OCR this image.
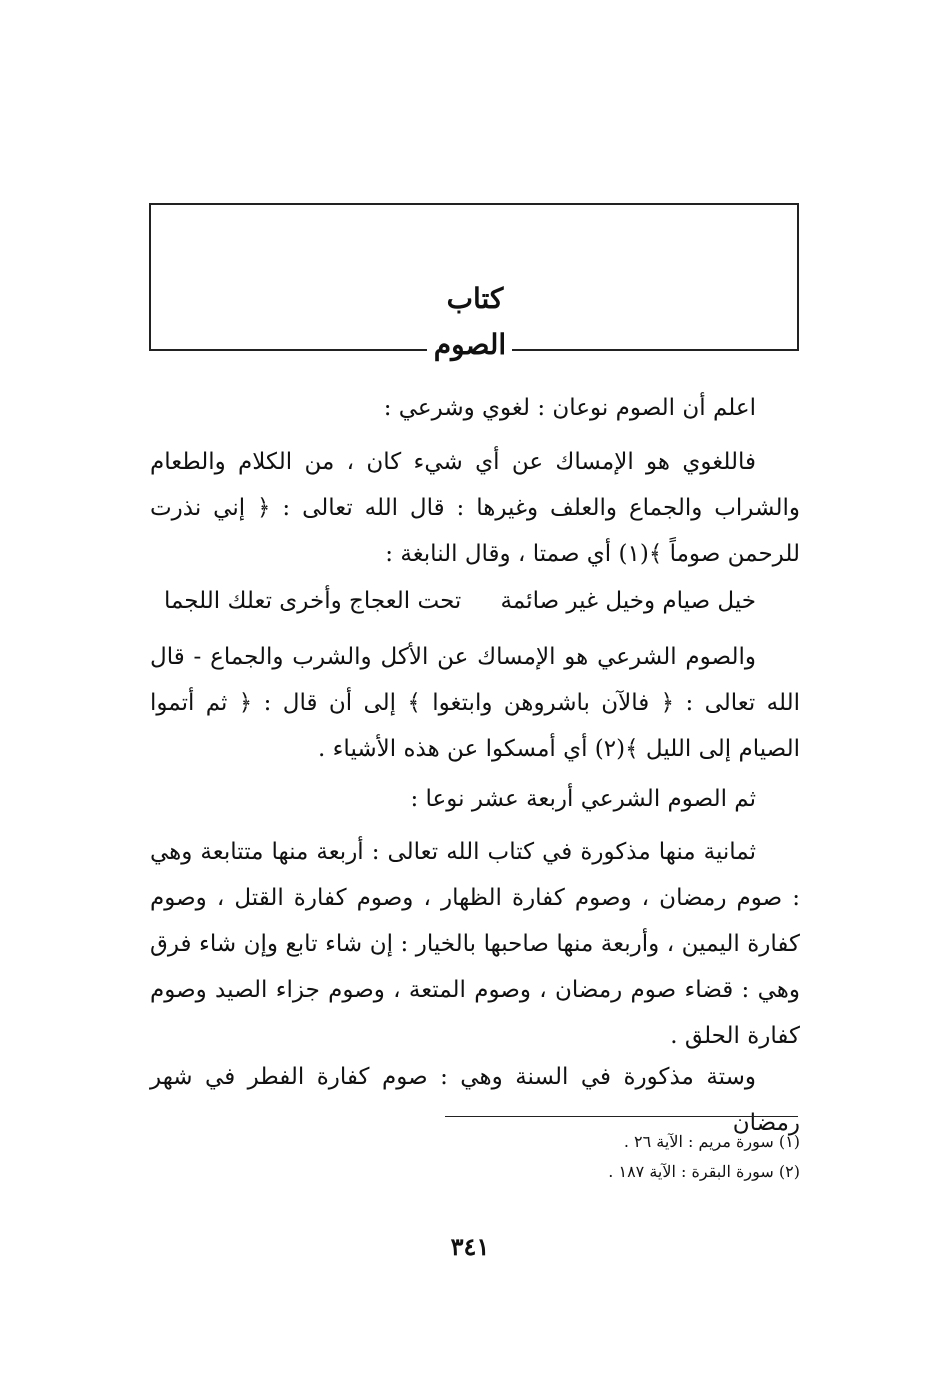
كتاب
الصوم
اعلم أن الصوم نوعان : لغوي وشرعي :

فاللغوي هو الإمساك عن أي شيء كان ، من الكلام والطعام والشراب والجماع والعلف وغيرها : قال الله تعالى : ﴿ إني نذرت للرحمن صوماً ﴾(١) أي صمتا ، وقال النابغة :

خيل صيام وخيل غير صائمة
تحت العجاج وأخرى تعلك اللجما

والصوم الشرعي هو الإمساك عن الأكل والشرب والجماع - قال الله تعالى : ﴿ فالآن باشروهن وابتغوا ﴾ إلى أن قال : ﴿ ثم أتموا الصيام إلى الليل ﴾(٢) أي أمسكوا عن هذه الأشياء .

ثم الصوم الشرعي أربعة عشر نوعا :

ثمانية منها مذكورة في كتاب الله تعالى : أربعة منها متتابعة وهي : صوم رمضان ، وصوم كفارة الظهار ، وصوم كفارة القتل ، وصوم كفارة اليمين ، وأربعة منها صاحبها بالخيار : إن شاء تابع وإن شاء فرق وهي : قضاء صوم رمضان ، وصوم المتعة ، وصوم جزاء الصيد وصوم كفارة الحلق .

وستة مذكورة في السنة وهي : صوم كفارة الفطر في شهر رمضان

(١) سورة مريم : الآية ٢٦ .
(٢) سورة البقرة : الآية ١٨٧ .
٣٤١
